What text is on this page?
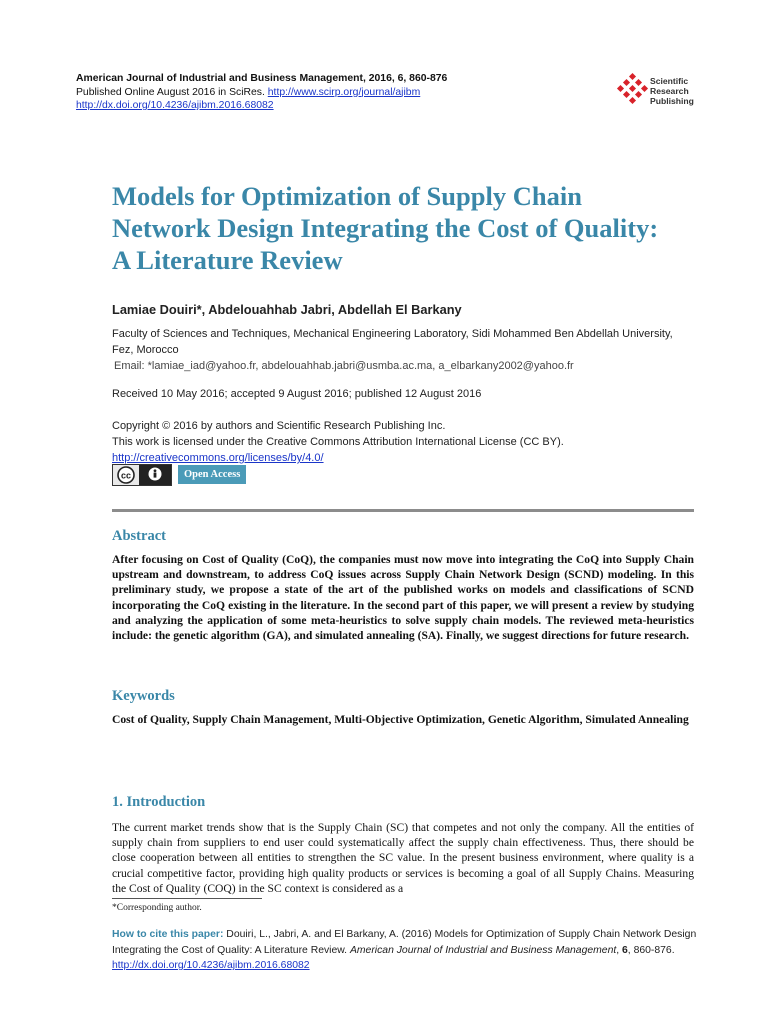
American Journal of Industrial and Business Management, 2016, 6, 860-876
Published Online August 2016 in SciRes. http://www.scirp.org/journal/ajibm
http://dx.doi.org/10.4236/ajibm.2016.68082
Scientific
Research
Publishing
Models for Optimization of Supply Chain Network Design Integrating the Cost of Quality: A Literature Review
Lamiae Douiri*, Abdelouahhab Jabri, Abdellah El Barkany
Faculty of Sciences and Techniques, Mechanical Engineering Laboratory, Sidi Mohammed Ben Abdellah University, Fez, Morocco
Email: *lamiae_iad@yahoo.fr, abdelouahhab.jabri@usmba.ac.ma, a_elbarkany2002@yahoo.fr
Received 10 May 2016; accepted 9 August 2016; published 12 August 2016
Copyright © 2016 by authors and Scientific Research Publishing Inc.
This work is licensed under the Creative Commons Attribution International License (CC BY).
http://creativecommons.org/licenses/by/4.0/
cc	Open Access
Abstract

After focusing on Cost of Quality (CoQ), the companies must now move into integrating the CoQ into Supply Chain upstream and downstream, to address CoQ issues across Supply Chain Network Design (SCND) modeling. In this preliminary study, we propose a state of the art of the published works on models and classifications of SCND incorporating the CoQ existing in the literature. In the second part of this paper, we will present a review by studying and analyzing the application of some meta-heuristics to solve supply chain models. The reviewed meta-heuristics include: the genetic algorithm (GA), and simulated annealing (SA). Finally, we suggest directions for future research.

Keywords

Cost of Quality, Supply Chain Management, Multi-Objective Optimization, Genetic Algorithm, Simulated Annealing

1. Introduction

The current market trends show that is the Supply Chain (SC) that competes and not only the company. All the entities of supply chain from suppliers to end user could systematically affect the supply chain effectiveness. Thus, there should be close cooperation between all entities to strengthen the SC value. In the present business environment, where quality is a crucial competitive factor, providing high quality products or services is becoming a goal of all Supply Chains. Measuring the Cost of Quality (COQ) in the SC context is considered as a

*Corresponding author.

How to cite this paper: Douiri, L., Jabri, A. and El Barkany, A. (2016) Models for Optimization of Supply Chain Network Design Integrating the Cost of Quality: A Literature Review. American Journal of Industrial and Business Management, 6, 860-876. http://dx.doi.org/10.4236/ajibm.2016.68082
